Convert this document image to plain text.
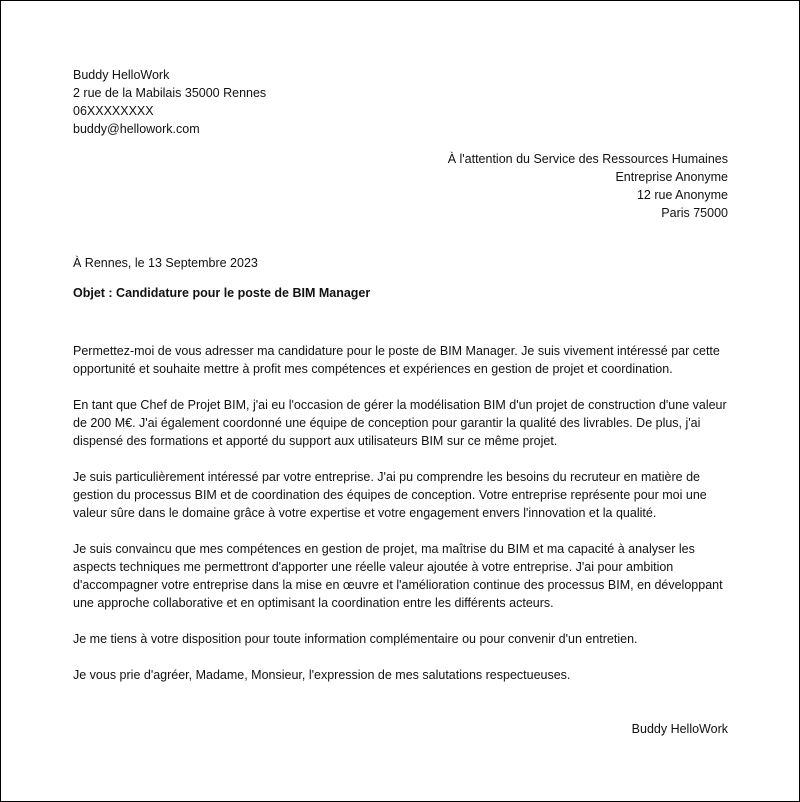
Buddy HelloWork
2 rue de la Mabilais 35000 Rennes
06XXXXXXXX
buddy@hellowork.com
À l'attention du Service des Ressources Humaines
Entreprise Anonyme
12 rue Anonyme
Paris 75000
À Rennes, le 13 Septembre 2023
Objet : Candidature pour le poste de BIM Manager

Permettez-moi de vous adresser ma candidature pour le poste de BIM Manager. Je suis vivement intéressé par cette opportunité et souhaite mettre à profit mes compétences et expériences en gestion de projet et coordination.

En tant que Chef de Projet BIM, j'ai eu l'occasion de gérer la modélisation BIM d'un projet de construction d'une valeur de 200 M€. J'ai également coordonné une équipe de conception pour garantir la qualité des livrables. De plus, j'ai dispensé des formations et apporté du support aux utilisateurs BIM sur ce même projet.

Je suis particulièrement intéressé par votre entreprise. J'ai pu comprendre les besoins du recruteur en matière de gestion du processus BIM et de coordination des équipes de conception. Votre entreprise représente pour moi une valeur sûre dans le domaine grâce à votre expertise et votre engagement envers l'innovation et la qualité.

Je suis convaincu que mes compétences en gestion de projet, ma maîtrise du BIM et ma capacité à analyser les aspects techniques me permettront d'apporter une réelle valeur ajoutée à votre entreprise. J'ai pour ambition d'accompagner votre entreprise dans la mise en œuvre et l'amélioration continue des processus BIM, en développant une approche collaborative et en optimisant la coordination entre les différents acteurs.

Je me tiens à votre disposition pour toute information complémentaire ou pour convenir d'un entretien.

Je vous prie d'agréer, Madame, Monsieur, l'expression de mes salutations respectueuses.

Buddy HelloWork
